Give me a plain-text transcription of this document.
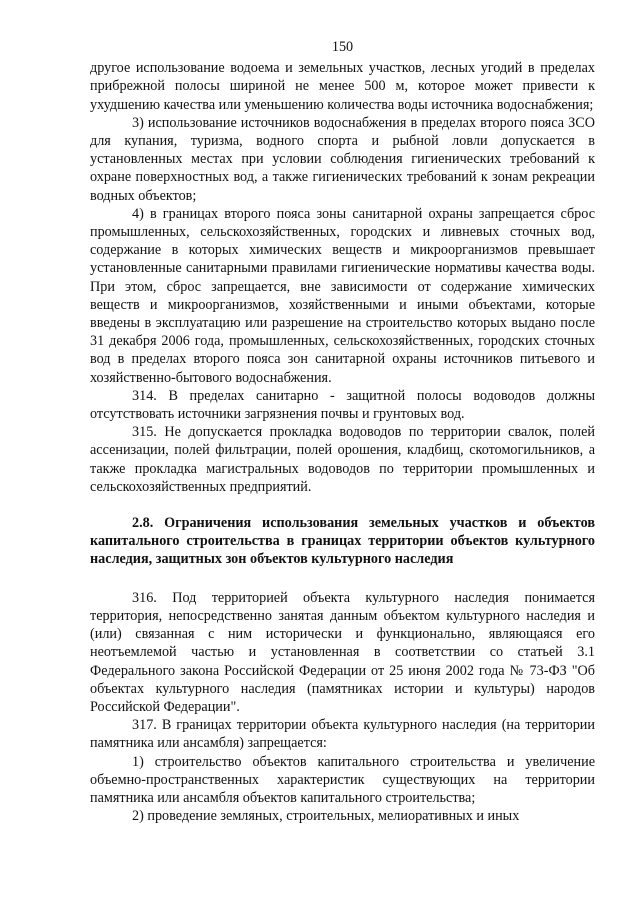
150

другое использование водоема и земельных участков, лесных угодий в пределах прибрежной полосы шириной не менее 500 м, которое может привести к ухудшению качества или уменьшению количества воды источника водоснабжения;

3) использование источников водоснабжения в пределах второго пояса ЗСО для купания, туризма, водного спорта и рыбной ловли допускается в установленных местах при условии соблюдения гигиенических требований к охране поверхностных вод, а также гигиенических требований к зонам рекреации водных объектов;

4) в границах второго пояса зоны санитарной охраны запрещается сброс промышленных, сельскохозяйственных, городских и ливневых сточных вод, содержание в которых химических веществ и микроорганизмов превышает установленные санитарными правилами гигиенические нормативы качества воды. При этом, сброс запрещается, вне зависимости от содержание химических веществ и микроорганизмов, хозяйственными и иными объектами, которые введены в эксплуатацию или разрешение на строительство которых выдано после 31 декабря 2006 года, промышленных, сельскохозяйственных, городских сточных вод в пределах второго пояса зон санитарной охраны источников питьевого и хозяйственно-бытового водоснабжения.

314. В пределах санитарно - защитной полосы водоводов должны отсутствовать источники загрязнения почвы и грунтовых вод.

315. Не допускается прокладка водоводов по территории свалок, полей ассенизации, полей фильтрации, полей орошения, кладбищ, скотомогильников, а также прокладка магистральных водоводов по территории промышленных и сельскохозяйственных предприятий.

2.8. Ограничения использования земельных участков и объектов капитального строительства в границах территории объектов культурного наследия, защитных зон объектов культурного наследия

316. Под территорией объекта культурного наследия понимается территория, непосредственно занятая данным объектом культурного наследия и (или) связанная с ним исторически и функционально, являющаяся его неотъемлемой частью и установленная в соответствии со статьей 3.1 Федерального закона Российской Федерации от 25 июня 2002 года № 73-ФЗ "Об объектах культурного наследия (памятниках истории и культуры) народов Российской Федерации".

317. В границах территории объекта культурного наследия (на территории памятника или ансамбля) запрещается:

1) строительство объектов капитального строительства и увеличение объемно-пространственных характеристик существующих на территории памятника или ансамбля объектов капитального строительства;

2) проведение земляных, строительных, мелиоративных и иных
